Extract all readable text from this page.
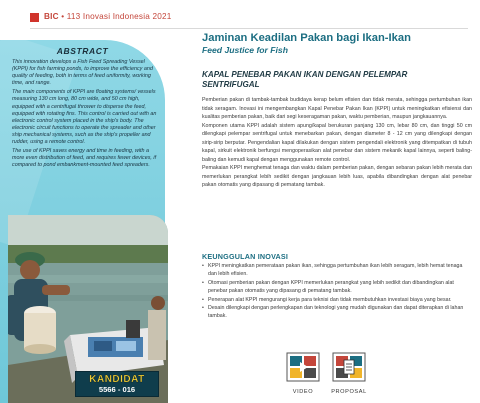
BIC • 113 Inovasi Indonesia 2021
ABSTRACT

This innovation develops a Fish Feed Spreading Vessel (KPPI) for fish farming ponds, to improve the efficiency and quality of feeding, both in terms of feed uniformity, working time, and range.

The main components of KPPI are floating systems/ vessels measuring 130 cm long, 80 cm wide, and 50 cm high, equipped with a centrifugal thrower to disperse the feed, equipped with rotating fins. This control is carried out with an electronic control system placed in the ship's body. The electronic circuit functions to operate the spreader and other ship mechanical systems, such as the ship's propeller and rudder, using a remote control.

The use of KPPI saves energy and time in feeding, with a more even distribution of feed, and requires fewer devices, if compared to pond embankment-mounted feed spreaders.

KANDIDAT
5566 - 016
Jaminan Keadilan Pakan bagi Ikan-Ikan
Feed Justice for Fish
KAPAL PENEBAR PAKAN IKAN DENGAN PELEMPAR SENTRIFUGAL

Pemberian pakan di tambak-tambak budidaya kerap belum efisien dan tidak merata, sehingga pertumbuhan ikan tidak seragam. Inovasi ini mengembangkan Kapal Penebar Pakan Ikan (KPPI) untuk meningkatkan efisiensi dan kualitas pemberian pakan, baik dari segi keseragaman pakan, waktu pemberian, maupun jangkauannya.

Komponen utama KPPI adalah sistem apung/kapal berukuran panjang 130 cm, lebar 80 cm, dan tinggi 50 cm dilengkapi pelempar sentrifugal untuk menebarkan pakan, dengan diameter 8 - 12 cm yang dilengkapi dengan sirip-sirip berputar. Pengendalian kapal dilakukan dengan sistem pengendali elektronik yang ditempatkan di tubuh kapal, sirkuit elektronik berfungsi mengoperasikan alat penebar dan sistem mekanik kapal lainnya, seperti baling-baling dan kemudi kapal dengan menggunakan remote control.

Pemakaian KPPI menghemat tenaga dan waktu dalam pemberian pakan, dengan sebaran pakan lebih merata dan memerlukan perangkat lebih sedikit dengan jangkauan lebih luas, apabila dibandingkan dengan alat penebar pakan otomatis yang dipasang di pematang tambak.

KEUNGGULAN INOVASI
• KPPI meningkatkan pemerataan pakan ikan, sehingga pertumbuhan ikan lebih seragam, lebih hemat tenaga dan lebih efisien.
• Otomasi pemberian pakan dengan KPPI memerlukan perangkat yang lebih sedikit dan dibandingkan alat penebar pakan otomatis yang dipasang di pematang tambak.
• Penerapan alat KPPI mengurangi kerja para teknisi dan tidak membutuhkan investasi biaya yang besar.
• Desain dilengkapi dengan perlengkapan dan teknologi yang mudah digunakan dan dapat diterapkan di lahan tambak.
VIDEO	PROPOSAL
